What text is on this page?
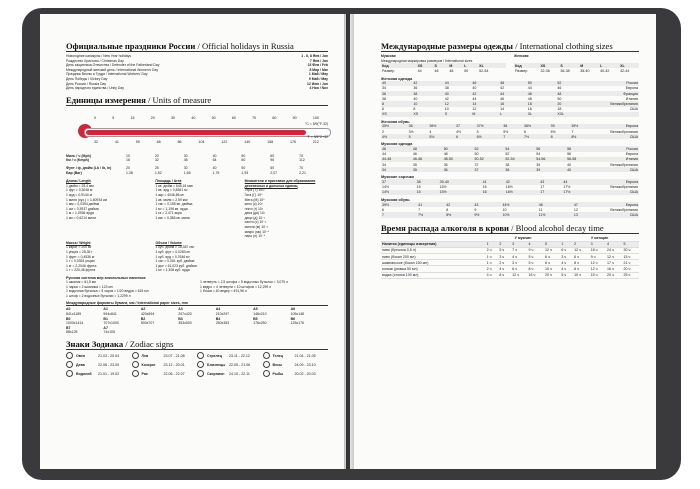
Официальные праздники России / Official holidays in Russia
Новогодние каникулы / New Year holidays	1 - 6, 8 Янв / Jan
Рождество Христово / Christmas Day	7 Янв / Jan
День защитника Отечества / Defender of the Fatherland Day	23 Фев / Feb
Международный женский день / International Women's Day	8 Мар / Mar
Праздник Весны и Труда / International Workers' Day	1 Май / May
День Победы / Victory Day	9 Май / May
День России / Russia Day	12 Июн / Jun
День народного единства / Unity Day	4 Ноя / Nov
Единицы измерения / Units of measure
0	5	15	20	30	40	50	60	70	80	90	100
32	41	59	68	86	104	122	140	158	176	212
°C = 5/9(°F-32)
°F = 9/5°C+32
Миль / ч (Mph)	10	20	30	40	50	60	70
Км / ч (Kmph)	16	32	48	64	80	96	112
Фунт / ф. дюйм (Lb / lb, in)	20	25	30	40	50	60	70
Бар (Bar)	1,38	1,52	1,65	1,79	1,93	2,07	2,21
Длина / Length
1 дюйм = 25,4 мм
1 фут = 0,3048 м
1 ярд = 0,9144 м
1 миля (сух.) = 1,60934 км
1 мм = 0,0394 дюйма
1 см = 0,3937 дюйма
1 м = 1,0936 ярда
1 км = 0,6214 мили
Площадь / Area
1 кв. дюйм = 645,16 мм²
1 кв. ярд = 0,8361 м²
1 акр = 4046,86 м²
1 кв. миля = 2,59 км²
1 см² = 0,155 кв. дюйма
1 м² = 1,196 кв. ярда
1 га = 2,471 акра
1 км² = 0,386 кв. мили
Множители и приставки для образования десятичных и дольных единиц
Тера (T) 10¹²
Гига (Г) 10⁹
Мега (М) 10⁶
кило (к) 10³
гекто (г) 10²
дека (да) 10¹
деци (д) 10⁻¹
санти (с) 10⁻²
милли (м) 10⁻³
микро (мк) 10⁻⁶
нано (н) 10⁻⁹
Масса / Weight
1 карат = 200 мг
1 унция = 28,35 г
1 фунт = 0,4536 кг
1 г = 0,0353 унции
1 кг = 2,2046 фунта
1 т = 220,46 фунта
Объем / Volume
1 куб. дюйм = 16,387 см³
1 куб. фут = 0,0283 м³
1 куб. ярд = 0,7646 м³
1 см³ = 0,061 куб. дюйма
1 дм³ = 61,023 куб. дюйма
1 м³ = 1,308 куб. ярда
Русская система мер алкогольных напитков
1 шкалик = 61,5 мл
1 чарка = 2 шкалика = 123 мл
1 водочная бутылка = 5 чарок = 1/20 ведра = 615 мл
1 штоф = 2 водочных бутылки = 1,2299 л
1 четверть = 2,5 штофа = 5 водочных бутылок = 3,075 л
1 ведро = 4 четверти = 10 штофов = 12,299 л
1 бочка = 40 ведер = 491,96 л
Международные форматы бумаги, мм / International paper sizes, mm
A0	A1	A2	A3	A4	A5	A6
841x1189	594x841	420x594	297x420	210x297	148x210	105x148
B0	B1	B2	B3	B4	B5	B6
1000x1414	707x1000	500x707	353x500	250x353	176x250	125x176
B7	A7
88x125	74x105
Знаки Зодиака / Zodiac signs
Овен	21.03 - 20.04	Лев	23.07 - 21.08	Стрелец 23.11 - 22.12	Телец	21.04 - 21.05
Дева	22.08 - 23.09	Козерог 23.12 - 20.01	Близнецы 22.05 - 21.06	Весы	24.09 - 23.10
Водолей 21.01 - 19.02	Рак	22.06 - 22.07	Скорпион 24.10 - 22.11	Рыбы	20.02 - 20.03
Международные размеры одежды / International clothing sizes
Мужская
Международная маркировка размеров / International sizes
Код	XS	S	M	L	XL
Размер	44	46	48	50	52-54
Женская

Код	XS	S	M	L	XL
Размер	32-36	36-38	38-40	40-42	42-44
Женская одежда
40	42	44	46	48	50	52	Россия
34	36	38	40	42	44	46	Европа
36	38	40	42	44	46	48	Франция
38	40	42	44	46	48	50	Италия
8	10	12	14	16	18	20	Великобритания
6	8	10	12	14	16	18	США
XS	XS	S	M	L	XL	XXL	
Женская обувь
35½	36	36½	37	37½	38	38½	39	39½	Европа
2	3½	4	4½	5	5½	6	6½	7	Великобритания
4½	5	5½	6	6½	7	7½	8	8½	США
Мужская одежда
46	48	50	52	54	56	58	Россия
44	46	48	50	52	54	56	Европа
44-46	46-48	48-50	50-52	52-54	54-56	56-58	Италия
34	35	36	37	38	39	40	Великобритания
34	35	36	37	38	39	40	США
Мужские сорочки
37	38	39-40	41	42	43	44	Европа
14½	15	15½	16	16½	17	17½	Великобритания
14½	15	15½	16	16½	17	17½	США
Мужская обувь
39½	41	42	43	44½	46	47	Европа
6	7	8	9	10	11	12	Великобритания
7	7½	8½	9½	10½	11½	13	США
Время распада алкоголя в крови / Blood alcohol decay time
	У мужчин					У женщин				
Напиток (единицы измерения)	1	2	3	4	5	1	2	3	4	5
пиво (бутылка 0,5 л)	2 ч	5 ч	7 ч	9 ч	12 ч	6 ч	12 ч	18 ч	24 ч	30 ч
пиво (бокал 200 мл)	1 ч	3 ч	4 ч	5 ч	6 ч	3 ч	6 ч	9 ч	12 ч	15 ч
шампанское (бокал 150 мл)	1 ч	2 ч	3 ч	5 ч	6 ч	4 ч	8 ч	12 ч	17 ч	21 ч
коньяк (рюмка 50 мл)	2 ч	4 ч	6 ч	8 ч	10 ч	4 ч	8 ч	12 ч	16 ч	20 ч
водка (стопка 100 мл)	4 ч	8 ч	12 ч	16 ч	20 ч	5 ч	10 ч	15 ч	20 ч	25 ч
